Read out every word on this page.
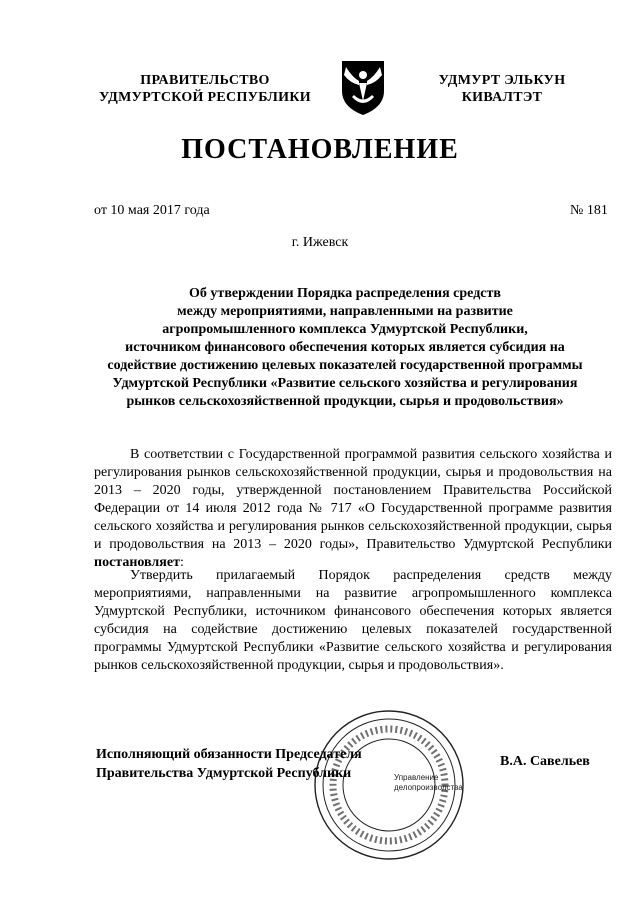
ПРАВИТЕЛЬСТВО
УДМУРТСКОЙ РЕСПУБЛИКИ
УДМУРТ ЭЛЬКУН
КИВАЛТЭТ
ПОСТАНОВЛЕНИЕ
от 10 мая 2017 года	№ 181
г. Ижевск
Об утверждении Порядка распределения средств
между мероприятиями, направленными на развитие
агропромышленного комплекса Удмуртской Республики,
источником финансового обеспечения которых является субсидия на
содействие достижению целевых показателей государственной программы
Удмуртской Республики «Развитие сельского хозяйства и регулирования
рынков сельскохозяйственной продукции, сырья и продовольствия»

В соответствии с Государственной программой развития сельского хозяйства и регулирования рынков сельскохозяйственной продукции, сырья и продовольствия на 2013 – 2020 годы, утвержденной постановлением Правительства Российской Федерации от 14 июля 2012 года № 717 «О Государственной программе развития сельского хозяйства и регулирования рынков сельскохозяйственной продукции, сырья и продовольствия на 2013 – 2020 годы», Правительство Удмуртской Республики постановляет:

Утвердить прилагаемый Порядок распределения средств между мероприятиями, направленными на развитие агропромышленного комплекса Удмуртской Республики, источником финансового обеспечения которых является субсидия на содействие достижению целевых показателей государственной программы Удмуртской Республики «Развитие сельского хозяйства и регулирования рынков сельскохозяйственной продукции, сырья и продовольствия».

Управление
делопроизводства
Исполняющий обязанности Председателя
Правительства Удмуртской Республики
В.А. Савельев
